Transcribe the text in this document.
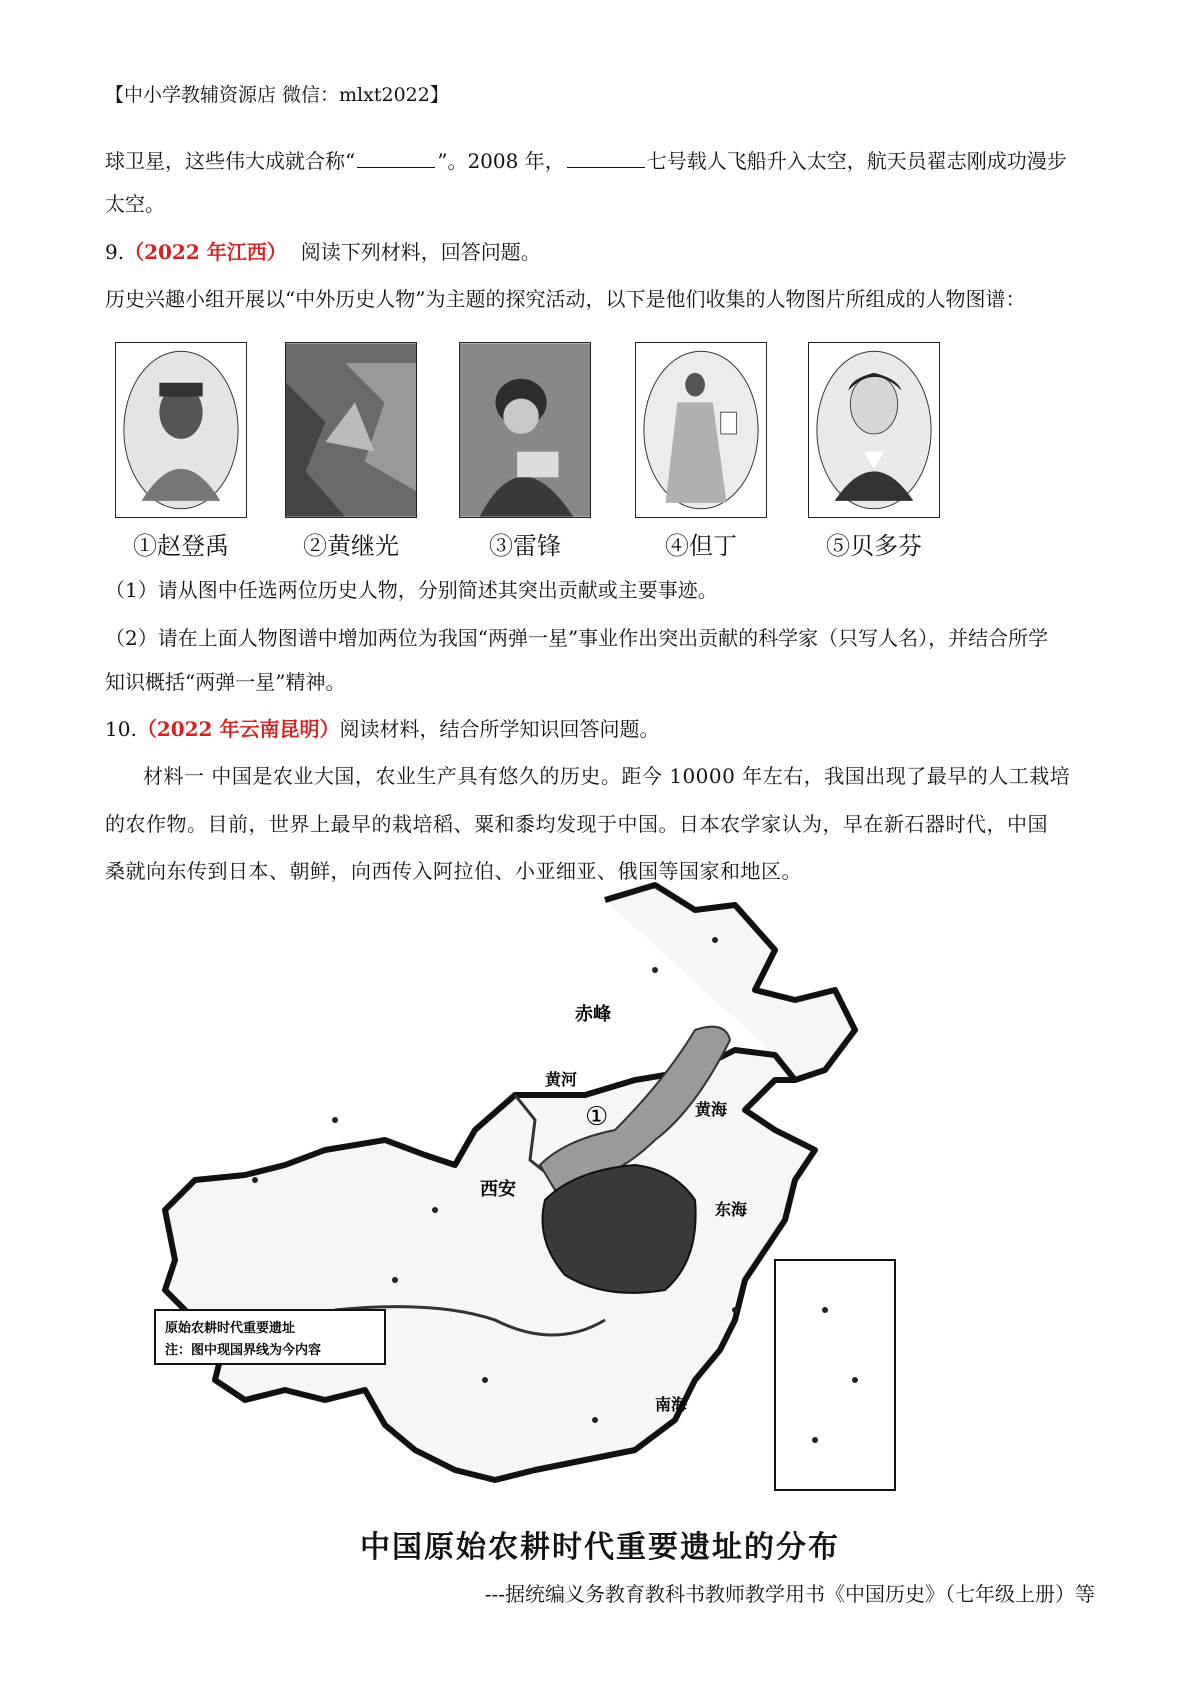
【中小学教辅资源店 微信：mlxt2022】
球卫星，这些伟大成就合称“	”。2008 年，	七号载人飞船升入太空，航天员翟志刚成功漫步
太空。
9.（2022 年江西） 阅读下列材料，回答问题。
历史兴趣小组开展以“中外历史人物”为主题的探究活动，以下是他们收集的人物图片所组成的人物图谱：
①赵登禹	②黄继光	③雷锋	④但丁	⑤贝多芬
（1）请从图中任选两位历史人物，分别简述其突出贡献或主要事迹。
（2）请在上面人物图谱中增加两位为我国“两弹一星”事业作出突出贡献的科学家（只写人名），并结合所学
知识概括“两弹一星”精神。
10.（2022 年云南昆明）阅读材料，结合所学知识回答问题。
材料一 中国是农业大国，农业生产具有悠久的历史。距今 10000 年左右，我国出现了最早的人工栽培
的农作物。目前，世界上最早的栽培稻、粟和黍均发现于中国。日本农学家认为，早在新石器时代，中国
桑就向东传到日本、朝鲜，向西传入阿拉伯、小亚细亚、俄国等国家和地区。
赤峰
西安
黄河
黄海
东海
南海
①
原始农耕时代重要遗址
注：图中现国界线为今内容
中国原始农耕时代重要遗址的分布
---据统编义务教育教科书教师教学用书《中国历史》（七年级上册）等
